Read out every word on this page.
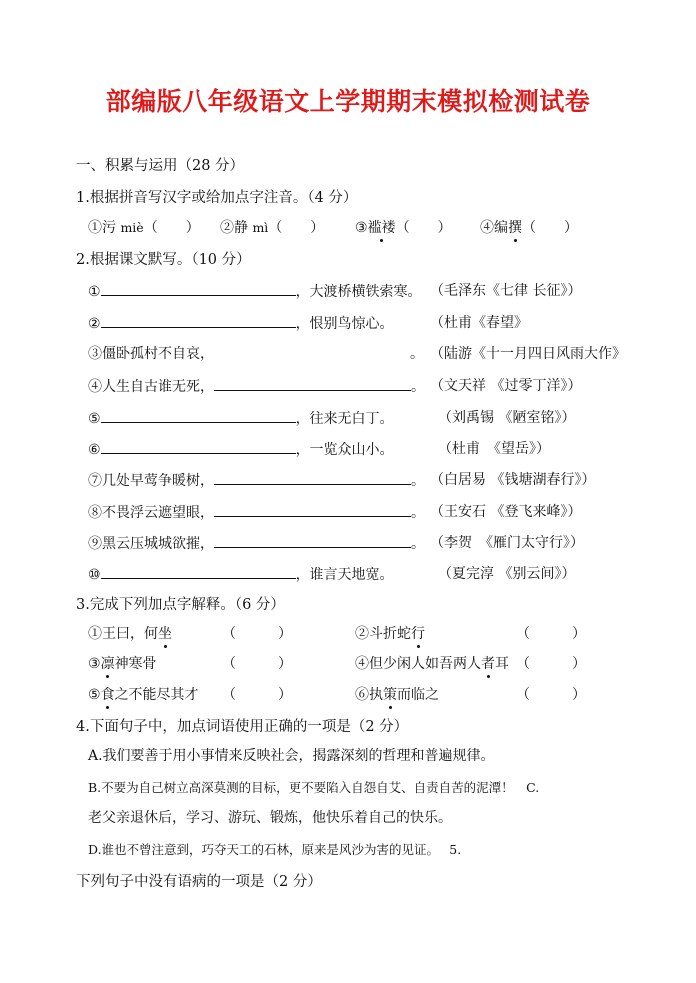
部编版八年级语文上学期期末模拟检测试卷
一、积累与运用（28 分）
1.根据拼音写汉字或给加点字注音。（4 分）
①污 miè（　　） ②静 mì（　　） ③褴褛（　　） ④编撰（　　）
2.根据课文默写。（10 分）
①	，大渡桥横铁索寒。 （毛泽东《七律 长征》）
②	，恨别鸟惊心。	（杜甫《春望》
③僵卧孤村不自哀，	。 （陆游《十一月四日风雨大作》
④人生自古谁无死，	。 （文天祥 《过零丁洋》）
⑤	，往来无白丁。	（刘禹锡 《陋室铭》）
⑥	，一览众山小。	（杜甫　《望岳》）
⑦几处早莺争暖树，	。 （白居易 《钱塘湖春行》）
⑧不畏浮云遮望眼，	。 （王安石 《登飞来峰》）
⑨黑云压城城欲摧，	。 （李贺　《雁门太守行》）
⑩	，谁言天地宽。	（夏完淳 《别云间》）
3.完成下列加点字解释。（6 分）
①王曰，何坐	（　　　）	②斗折蛇行	（　　　）
③凛神寒骨	（　　　）	④但少闲人如吾两人者耳 （　　　）
⑤食之不能尽其才 （　　　）	⑥执策而临之	（　　　）
4.下面句子中，加点词语使用正确的一项是（2 分）
A.我们要善于用小事情来反映社会，揭露深刻的哲理和普遍规律。
B.不要为自己树立高深莫测的目标，更不要陷入自怨自艾、自责自苦的泥潭！　C.
老父亲退休后，学习、游玩、锻炼，他快乐着自己的快乐。
D.谁也不曾注意到，巧夺天工的石林，原来是风沙为害的见证。　 5.
下列句子中没有语病的一项是（2 分）
